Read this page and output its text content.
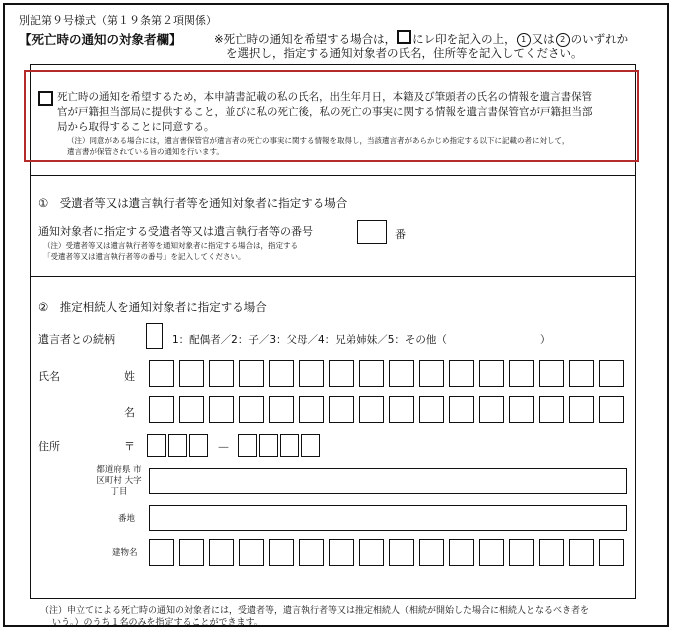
別記第９号様式（第１９条第２項関係）
【死亡時の通知の対象者欄】	※死亡時の通知を希望する場合は， にレ印を記入の上， 1 又は 2 のいずれか
を選択し，指定する通知対象者の氏名，住所等を記入してください。
死亡時の通知を希望するため，本申請書記載の私の氏名，出生年月日，本籍及び筆頭者の氏名の情報を遺言書保管
官が戸籍担当部局に提供すること，並びに私の死亡後，私の死亡の事実に関する情報を遺言書保管官が戸籍担当部
局から取得することに同意する。
（注）同意がある場合には，遺言書保管官が遺言者の死亡の事実に関する情報を取得し，当該遺言者があらかじめ指定する以下に記載の者に対して，
遺言書が保管されている旨の通知を行います。
①　受遺者等又は遺言執行者等を通知対象者に指定する場合
通知対象者に指定する受遺者等又は遺言執行者等の番号
（注）受遺者等又は遺言執行者等を通知対象者に指定する場合は，指定する
「受遺者等又は遺言執行者等の番号」を記入してください。
番
②　推定相続人を通知対象者に指定する場合
遺言者との続柄	1：配偶者／2：子／3：父母／4：兄弟姉妹／5：その他（	）
氏名	姓
名
住所	〒	－
都道府県 市区町村 大字丁目
番地
建物名
（注）申立てによる死亡時の通知の対象者には，受遺者等，遺言執行者等又は推定相続人（相続が開始した場合に相続人となるべき者を
いう。）のうち１名のみを指定することができます。
